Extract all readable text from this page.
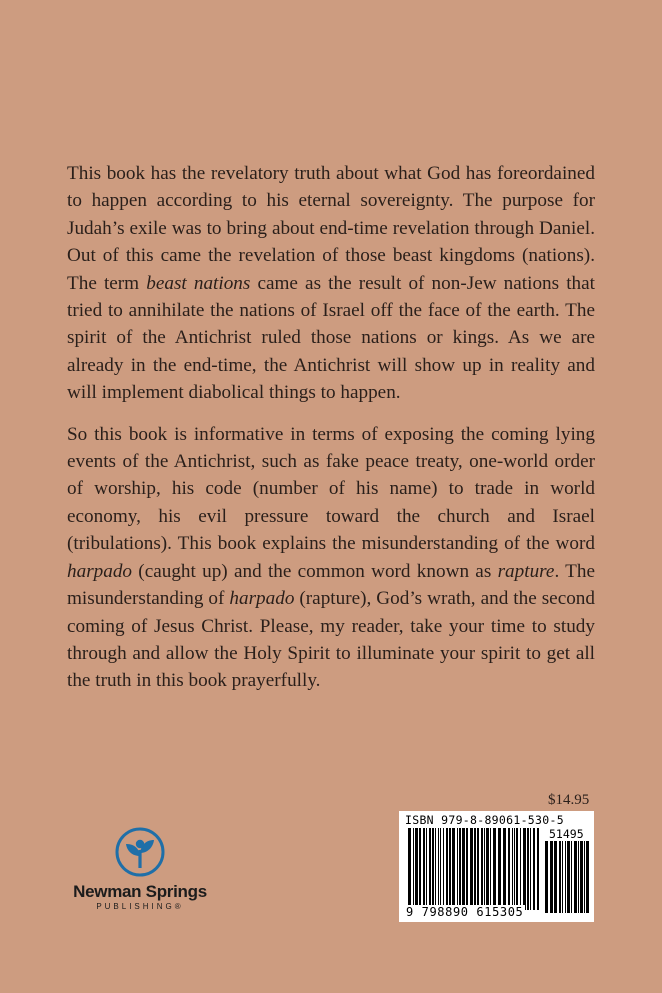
This book has the revelatory truth about what God has foreordained to happen according to his eternal sovereignty. The purpose for Judah’s exile was to bring about end-time revelation through Daniel. Out of this came the revelation of those beast kingdoms (nations). The term beast nations came as the result of non-Jew nations that tried to annihilate the nations of Israel off the face of the earth. The spirit of the Antichrist ruled those nations or kings. As we are already in the end-time, the Antichrist will show up in reality and will implement diabolical things to happen.

So this book is informative in terms of exposing the coming lying events of the Antichrist, such as fake peace treaty, one-world order of worship, his code (number of his name) to trade in world economy, his evil pressure toward the church and Israel (tribulations). This book explains the misunderstanding of the word harpado (caught up) and the common word known as rapture. The misunderstanding of harpado (rapture), God’s wrath, and the second coming of Jesus Christ. Please, my reader, take your time to study through and allow the Holy Spirit to illuminate your spirit to get all the truth in this book prayerfully.

$14.95
ISBN 979-8-89061-530-5
51495
9 798890 615305
Newman Springs
PUBLISHING®
